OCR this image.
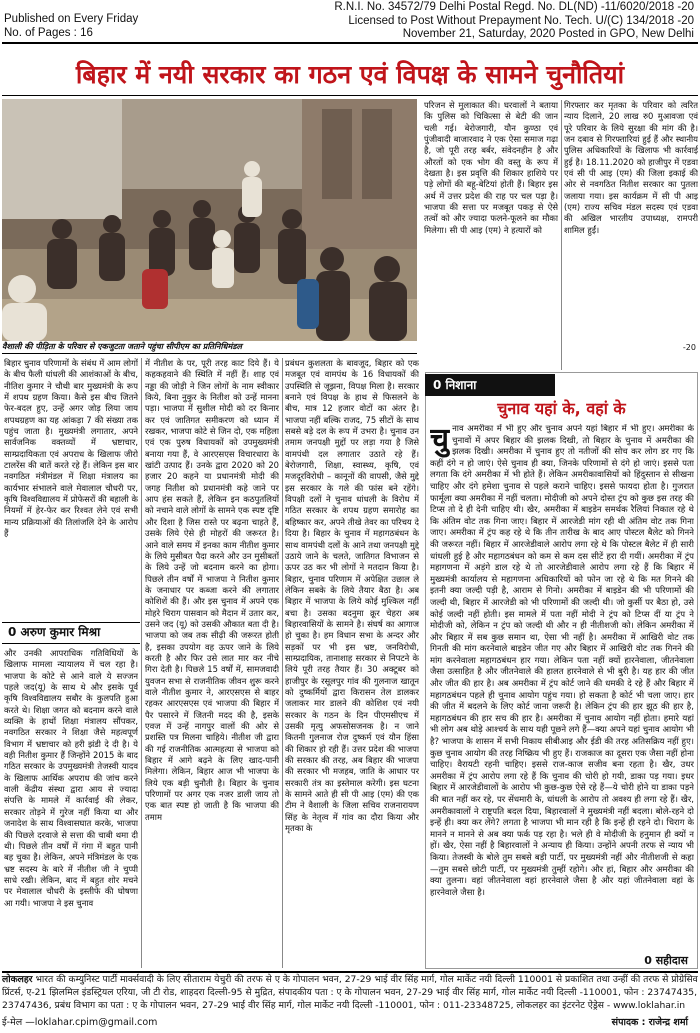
Published on Every Friday
No. of Pages : 16
R.N.I. No. 34572/79 Delhi Postal Regd. No. DL(ND) -11/6020/2018 -20
Licensed to Post Without Prepayment No. Tech. U/(C) 134/2018 -20
November 21, Saturday, 2020 Posted in GPO, New Delhi
बिहार में नयी सरकार का गठन एवं विपक्ष के सामने चुनौतियां
वैशाली की पीड़िता के परिवार से एकजुटता जताने पहुंचा सीपीएम का प्रतिनिधिमंडल
बिहार चुनाव परिणामों के संबंध में आम लोगों के बीच फैली धांधली की आशंकाओं के बीच, नीतिश कुमार ने चौथी बार मुख्यमंत्री के रूप में शपथ ग्रहण किया। कैसे इस बीच जितने फेर-बदल हुए, उन्हें अगर जोड़ लिया जाय शपथग्रहण का यह आंकड़ा 7 की संख्या तक पहुंच जाता है। मुख्यमंत्री लगातार, अपने सार्वजनिक वक्तव्यों में भ्रष्टाचार, साम्प्रदायिकता एवं अपराध के खिलाफ जीरो टालरेंस की बातें करते रहे हैं। लेकिन इस बार नवगठित मंत्रीमंडल में शिक्षा मंत्रालय का कार्यभार संभालने वाले मेवालाल चौधरी पर, कृषि विश्वविद्यालय में प्रोफेसरों की बहाली के नियमों में हेर-फेर कर रिश्वत लेने एवं सभी मान्य प्रक्रियाओं की तिलांजलि देने के आरोप हैं
0 अरुण कुमार मिश्रा
और उनकी आपराधिक गतिविधियों के खिलाफ मामला न्यायालय में चल रहा है। भाजपा के कोटे से आने वाले ये सज्जन पहले जद(यू) के साथ थे और इसके पूर्व कृषि विश्वविद्यालय सबौर के कुलपति हुआ करते थे। शिक्षा जगत को बदनाम करने वाले व्यक्ति के हाथों शिक्षा मंत्रालय सौंपकर, नवगठित सरकार ने शिक्षा जैसे महत्वपूर्ण विभाग में भ्रष्टाचार को हरी झंडी दे दी है। ये वही नितीश कुमार हैं जिन्होंने 2015 के बाद गठित सरकार के उपमुख्यमंत्री तेजस्वी यादव के खिलाफ आर्थिक अपराध की जांच करने वाली केंद्रीय संस्था द्वारा आय से ज्यादा संपत्ति के मामले में कार्रवाई की लेकर, सरकार तोड़ने में गुरेज नहीं किया था और जनादेश के साथ विश्वासघात करके, भाजपा की पिछले दरवाजे से सत्ता की चाबी थमा दी थी। पिछले तीन वर्षों में गंगा में बहुत पानी बह चुका है। लेकिन, अपने मंत्रिमंडल के एक भ्रष्ट सदस्य के बारे में नीतीश जी ने चुप्पी साधे रखी। लेकिन, बाद में बहुत शोर मचने पर मेवालाल चौधरी के इस्तीफे की घोषणा आ गयी। भाजपा ने इस चुनाव
में नीतीश के पर, पूरी तरह काट दिये हैं। ये कहकहवाने की स्थिति में नहीं हैं। शाह एवं नड्डा की जोड़ी ने जिन लोगों के नाम स्वीकार किये, बिना नुकुर के नितीश को उन्हें मानना पड़ा। भाजपा में सुशील मोदी को दर किनार कर एवं जातिगत समीकरण को ध्यान में रखकर, भाजपा कोटे से जिन दो, एक महिला एवं एक पुरुष विधायकों को उपमुख्यमंत्री बनाया गया हैं, वे आरएसएस विचारधारा के खांटी उत्पाद हैं। उनके द्वारा 2020 को 20 हजार 20 कहने या प्रधानमंत्री मोदी की जगह नितीश को प्रधानमंत्री कहे जाने पर आप हंस सकते हैं, लेकिन इन कठपुतलियों को नचाने वाले लोगों के सामने एक स्पष्ट दृष्टि और दिशा है जिस रास्ते पर बढ़ना चाहते हैं, उसके लिये ऐसे ही मोहरों की जरूरत है। आने वाले समय में इनका काम नीतीश कुमार के लिये मुसीबत पैदा करने और उन मुसीबतों के लिये उन्हें जो बदनाम करने का होगा। पिछले तीन वर्षों में भाजपा ने नितीश कुमार के जनाधार पर कब्जा करने की लगातार कोशिशें की हैं। और इस चुनाव में अपने एक मोहरे चिराग पासवान को मैदान में उतार कर, उसने जद (यू) को उसकी औकात बता दी है। भाजपा को जब तक सीढ़ी की जरूरत होती है, इसका उपयोग वह ऊपर जाने के लिये करती है और फिर उसे लात मार कर नीचे गिरा देती है। पिछले 15 वर्षों में, सामजवादी युवजन सभा से राजनीतिक जीवन शुरू करने वाले नीतीश कुमार ने, आरएसएस से बाहर रहकर आरएसएस एवं भाजपा की बिहार में पैर पसारने में जितनी मदद की है, इसके एवज में उन्हें नागपुर वालों की ओर से प्रशस्ति पत्र मिलना चाहिये। नीतीश जी द्वारा की गई राजनीतिक आत्महत्या से भाजपा को बिहार में आगे बढ़ने के लिए खाद-पानी मिलेगा। लेकिन, बिहार आज भी भाजपा के लिये एक बड़ी चुनौती है। बिहार के चुनाव परिणामों पर अगर एक नजर डाली जाय तो एक बात स्पष्ट हो जाती है कि भाजपा की तमाम
प्रबंधन कुशलता के बावजूद, बिहार को एक मजबूत एवं वामपंथ के 16 विधायकों की उपस्थिति से जूझना, विपक्ष मिला है। सरकार बनाने एवं विपक्ष के हाथ से फिसलने के बीच, मात्र 12 हजार वोटों का अंतर है। भाजपा नहीं बल्कि राजद, 75 सीटों के साथ सबसे बड़े दल के रूप में उभरा है। चुनाव उन तमाम जनपक्षी मुद्दों पर लड़ा गया है जिसे वामपंथी दल लगातार उठाते रहे हैं। बेरोजगारी, शिक्षा, स्वास्थ्य, कृषि, एवं मजदूरविरोधी – कानूनों की वापसी, जैसे मुद्दे इस सरकार के गले की फांस बने रहेंगे। विपक्षी दलों ने चुनाव धांधली के विरोध में गठित सरकार के शपथ ग्रहण समारोह का बहिष्कार कर, अपने तीखे तेवर का परिचय दे दिया है। बिहार के चुनाव में महागठबंधन के साथ वामपंथी दलों के आने तथा जनपक्षी मुद्दे उठाये जाने के चलते, जातिगत विभाजन से ऊपर उठ कर भी लोगों ने मतदान किया है। बिहार, चुनाव परिणाम में अपेक्षित उछाल ले लेकिन सबके के लिये तैयार बैठा है। अब बिहार में भाजपा के लिये कोई मुश्किल नहीं बचा है। उसका बदनुमा क्रूर चेहरा अब बिहारवासियों के सामने है। संघर्ष का आगाज हो चुका है। हम विधान सभा के अन्दर और सड़कों पर भी इस भ्रष्ट, जनविरोधी, साम्प्रदायिक, तानाशाह सरकार से निपटने के लिये पूरी तरह तैयार हैं। 30 अक्टूबर को हाजीपुर के रसूलपुर गांव की गुलनाज खातून को दुष्कर्मियों द्वारा किरासन तेल डालकर जलाकर मार डालने की कोशिश एवं नयी सरकार के गठन के दिन पीएमसीएच में उसकी मृत्यु अफसोसजनक है। न जाने कितनी गुलनाज रोज दुष्कर्म एवं यौन हिंसा की शिकार हो रही हैं। उत्तर प्रदेश की भाजपा की सरकार की तरह, अब बिहार की भाजपा की सरकार भी मजहब, जाति के आधार पर सरकारी तंत्र का इस्तेमाल करेगी। इस घटना के सामने आते ही सी पी आइ (एम) की एक टीम ने वैशाली के जिला सचिव राजनारायण सिंह के नेतृत्व में गांव का दौरा किया और मृतका के
परिजन से मुलाकात की। घरवालों ने बताया कि पुलिस को चिकित्सा से बेटी की जान चली गई। बेरोजगारी, यौन कुण्ठा एवं पुंजीवादी बाजारवाद ने एक ऐसा समाज गढ़ा है, जो पूरी तरह बर्बर, संवेदनहीन है और औरतों को एक भोग की वस्तु के रूप में देखता है। इस प्रवृत्ति की शिकार हाशिये पर पड़े लोगों की बहू-बेटियां होती हैं। बिहार इस अर्थ में उत्तर प्रदेश की राह पर चल पड़ा है। भाजपा की सत्ता पर मजबूत पकड़ से ऐसे तत्वों को और ज्यादा फलने-फूलने का मौका मिलेगा। सी पी आइ (एम) ने हत्यारों को
गिरफ्तार कर मृतका के परिवार को त्वरित न्याय दिलाने, 20 लाख रु0 मुआवजा एवं पूरे परिवार के लिये सुरक्षा की मांग की है। जन दबाव से गिरफ्तारियां हुई हैं और स्थानीय पुलिस अधिकारियों के खिलाफ भी कार्रवाई हुई है। 18.11.2020 को हाजीपुर में एडवा एवं सी पी आइ (एम) की जिला इकाई की ओर से नवगठित नितीश सरकार का पुतला जलाया गया। इस कार्यक्रम में सी पी आइ (एम) राज्य सचिव मंडल सदस्य एवं एडवा की अखिल भारतीय उपाध्यक्ष, रामपरी शामिल हुईं।
-20
0 निशाना
चुनाव यहां के, वहां के
चु नाव अमरीका में भी हुए और चुनाव अपने यहां बिहार में भी हुए। अमरीका के चुनावों में अपर बिहार की झलक दिखी, तो बिहार के चुनाव में अमरीका की झलक दिखी। अमरीका में चुनाव हुए तो नतीजों की सोच कर लोग डर गए कि कहीं दंगे न हो जाएं। ऐसे चुनाव ही क्या, जिनके परिणामों से दंगे हो जाएं। इससे पता लगता कि दंगे अमरीका में भी होते हैं। लेकिन अमरीकावासियों को हिंदुस्तान से सीखना चाहिए और दंगे हमेशा चुनाव से पहले कराने चाहिए। इससे फायदा होता है। गुजरात फार्मूला क्या अमरीका में नहीं चलता। मोदीजी को अपने दोस्त ट्रंप को कुछ इस तरह की टिप्स तो दे ही देनी चाहिए थी। खैर, अमरीका में बाइडेन समर्थक रैलियां निकाल रहे थे कि अंतिम वोट तक गिना जाए। बिहार में आरजेडी मांग रही थी अंतिम वोट तक गिना जाए। अमरीका में ट्रंप कह रहे थे कि तीन तारीख के बाद आए पोस्टल बैलेट को गिनने की जरूरत नहीं। बिहार में आरजेडीवाले आरोप लगा रहे थे कि पोस्टल बैलेट में ही सारी धांधली हुई है और महागठबंधन को कम से कम दस सीटें हरा दी गयीं। अमरीका में ट्रंप महागणना में अड़ंगे डाल रहे थे तो आरजेडीवाले आरोप लगा रहे हैं कि बिहार में मुख्यमंत्री कार्यालय से महागणना अधिकारियों को फोन जा रहे थे कि मत गिनने की इतनी क्या जल्दी पड़ी है, आराम से गिनो। अमरीका में बाइडेन की भी परिणामों की जल्दी थी, बिहार में आरजेडी को भी परिणामों की जल्दी थी। जो कुर्सी पर बैठा हो, उसे कोई जल्दी नहीं होती। इस मामले में पता नहीं मोदी ने ट्रंप को टिप्स दीं या ट्रंप ने मोदीजी को, लेकिन न ट्रंप को जल्दी थी और न ही नीतीशजी को। लेकिन अमरीका में और बिहार में सब कुछ समान था, ऐसा भी नहीं है। अमरीका में आखिरी वोट तक गिनती की मांग करनेवाले बाइडेन जीत गए और बिहार में आखिरी वोट तक गिनने की मांग करनेवाला महागठबंधन हार गया। लेकिन पता नहीं क्यों हारनेवाला, जीतनेवाला जैसा उत्साहित है और जीतनेवाले की हालत हारनेवाले से भी बुरी है। यह हार की जीत और जीत की हार है। अब अमरीका में ट्रंप कोर्ट जाने की धमकी दे रहे हैं और बिहार में महागठबंधन पहले ही चुनाव आयोग पहुंच गया। हो सकता है कोर्ट भी चला जाए। हार की जीत में बदलने के लिए कोर्ट जाना जरूरी है। लेकिन ट्रंप की हार झूठ की हार है, महागठबंधन की हार सच की हार है। अमरीका में चुनाव आयोग नहीं होता। हमारे यहां भी लोग अब थोड़े आश्चर्य के साथ यही पूछने लगे हैं—क्या अपने यहां चुनाव आयोग भी है? भाजपा के शासन में सभी निकाय सीबीआइ और ईडी की तरह अतिसक्रिय नहीं हुए। कुछ चुनाव आयोग की तरह निष्क्रिय भी हुए हैं। राजकाज का दूसरा एक जैसा नहीं होना चाहिए। वैरायटी रहनी चाहिए। इससे राज-काज सजीव बना रहता है। खैर, उधर अमरीका में ट्रंप आरोप लगा रहे हैं कि चुनाव की चोरी हो गयी, डाका पड़ गया। इधर बिहार में आरजेडीवालों के आरोप भी कुछ-कुछ ऐसे रहे हैं—ये चोरी होने या डाका पड़ने की बात नहीं कर रहे, पर सेंधमारी के, धांधली के आरोप तो अवश्य ही लगा रहे हैं। खैर, अमरीकावालों ने राष्ट्रपति बदल दिया, बिहारवालों ने मुख्यमंत्री नहीं बदला। बोले-रहने दो इन्हें ही। क्या कर लेंगे? लगता है भाजपा भी मान रही है कि इन्हें ही रहने दो। चिराग के मानने न मानने से अब क्या फर्क पड़ रहा है। भले ही वे मोदीजी के हनुमान ही क्यों न हों। खैर, ऐसा नहीं है बिहारवालों ने अन्याय ही किया। उन्होंने अपनी तरफ से न्याय भी किया। तेजस्वी के बोले तुम सबसे बड़ी पार्टी, पर मुख्यमंत्री नहीं और नीतीशजी से कहा—तुम सबसे छोटी पार्टी, पर मुख्यमंत्री तुम्हीं रहोगे। और हां, बिहार और अमरीका की क्या तुलना। वहां जीतनेवाला वहां हारनेवाले जैसा है और यहां जीतनेवाला वहां के हारनेवाले जैसा है।
0 सहीदास
लोकलहर भारत की कम्युनिस्ट पार्टी मार्क्सवादी के लिए सीताराम येचुरी की तरफ से ए के गोपालन भवन, 27-29 भाई वीर सिंह मार्ग, गोल मार्केट नयी दिल्ली 110001 से प्रकाशित तथा उन्हीं की तरफ से प्रोग्रेसिव प्रिंटर्स, ए-21 झिलमिल इंडस्ट्रियल एरिया, जी टी रोड, शाहदरा दिल्ली-95 से मुद्रित, संपादकीय पता : ए के गोपालन भवन, 27-29 भाई वीर सिंह मार्ग, गोल मार्केट नयी दिल्ली -110001, फोन : 23747435, 23747436, प्रबंध विभाग का पता : ए के गोपालन भवन, 27-29 भाई वीर सिंह मार्ग, गोल मार्केट नयी दिल्ली -110001, फोन : 011-23348725, लोकलहर का इंटरनेट ऐड्रेस - www.loklahar.in
ई-मेल —loklahar.cpim@gmail.com	संपादक : राजेन्द्र शर्मा
